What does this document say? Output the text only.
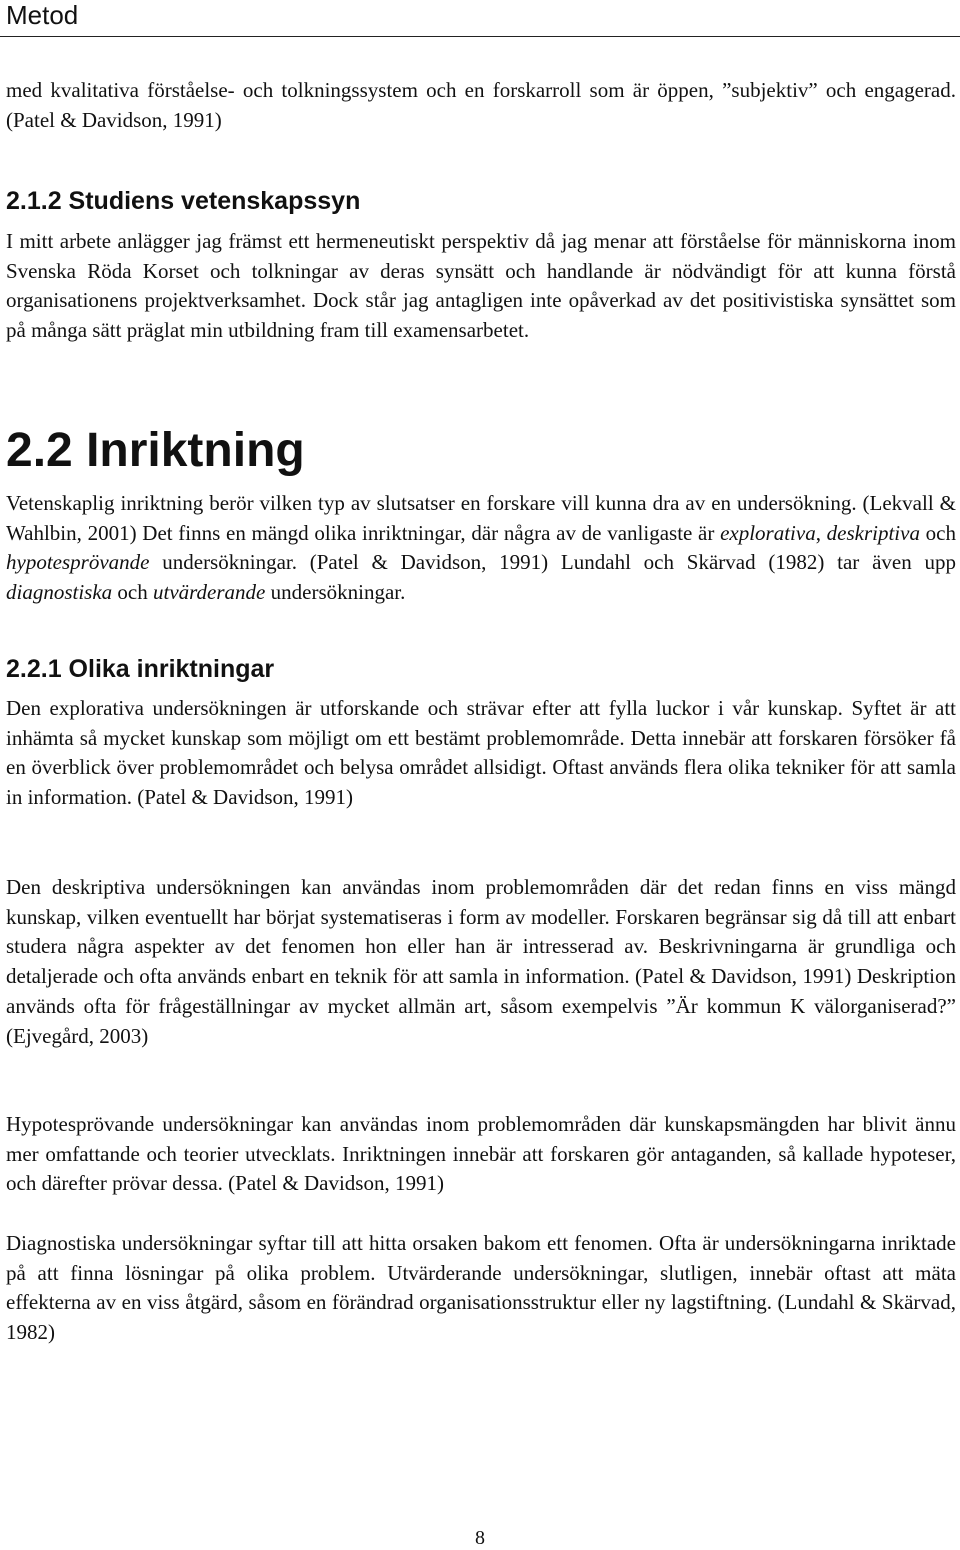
Metod

med kvalitativa förståelse- och tolkningssystem och en forskarroll som är öppen, ”subjektiv” och engagerad. (Patel & Davidson, 1991)

2.1.2 Studiens vetenskapssyn

I mitt arbete anlägger jag främst ett hermeneutiskt perspektiv då jag menar att förståelse för människorna inom Svenska Röda Korset och tolkningar av deras synsätt och handlande är nödvändigt för att kunna förstå organisationens projektverksamhet. Dock står jag antagligen inte opåverkad av det positivistiska synsättet som på många sätt präglat min utbildning fram till examensarbetet.

2.2 Inriktning

Vetenskaplig inriktning berör vilken typ av slutsatser en forskare vill kunna dra av en undersökning. (Lekvall & Wahlbin, 2001) Det finns en mängd olika inriktningar, där några av de vanligaste är explorativa, deskriptiva och hypotesprövande undersökningar. (Patel & Davidson, 1991) Lundahl och Skärvad (1982) tar även upp diagnostiska och utvärderande undersökningar.

2.2.1 Olika inriktningar

Den explorativa undersökningen är utforskande och strävar efter att fylla luckor i vår kunskap. Syftet är att inhämta så mycket kunskap som möjligt om ett bestämt problemområde. Detta innebär att forskaren försöker få en överblick över problemområdet och belysa området allsidigt. Oftast används flera olika tekniker för att samla in information. (Patel & Davidson, 1991)

Den deskriptiva undersökningen kan användas inom problemområden där det redan finns en viss mängd kunskap, vilken eventuellt har börjat systematiseras i form av modeller. Forskaren begränsar sig då till att enbart studera några aspekter av det fenomen hon eller han är intresserad av. Beskrivningarna är grundliga och detaljerade och ofta används enbart en teknik för att samla in information. (Patel & Davidson, 1991) Deskription används ofta för frågeställningar av mycket allmän art, såsom exempelvis ”Är kommun K välorganiserad?” (Ejvegård, 2003)

Hypotesprövande undersökningar kan användas inom problemområden där kunskapsmängden har blivit ännu mer omfattande och teorier utvecklats. Inriktningen innebär att forskaren gör antaganden, så kallade hypoteser, och därefter prövar dessa. (Patel & Davidson, 1991)

Diagnostiska undersökningar syftar till att hitta orsaken bakom ett fenomen. Ofta är undersökningarna inriktade på att finna lösningar på olika problem. Utvärderande undersökningar, slutligen, innebär oftast att mäta effekterna av en viss åtgärd, såsom en förändrad organisationsstruktur eller ny lagstiftning. (Lundahl & Skärvad, 1982)

8
